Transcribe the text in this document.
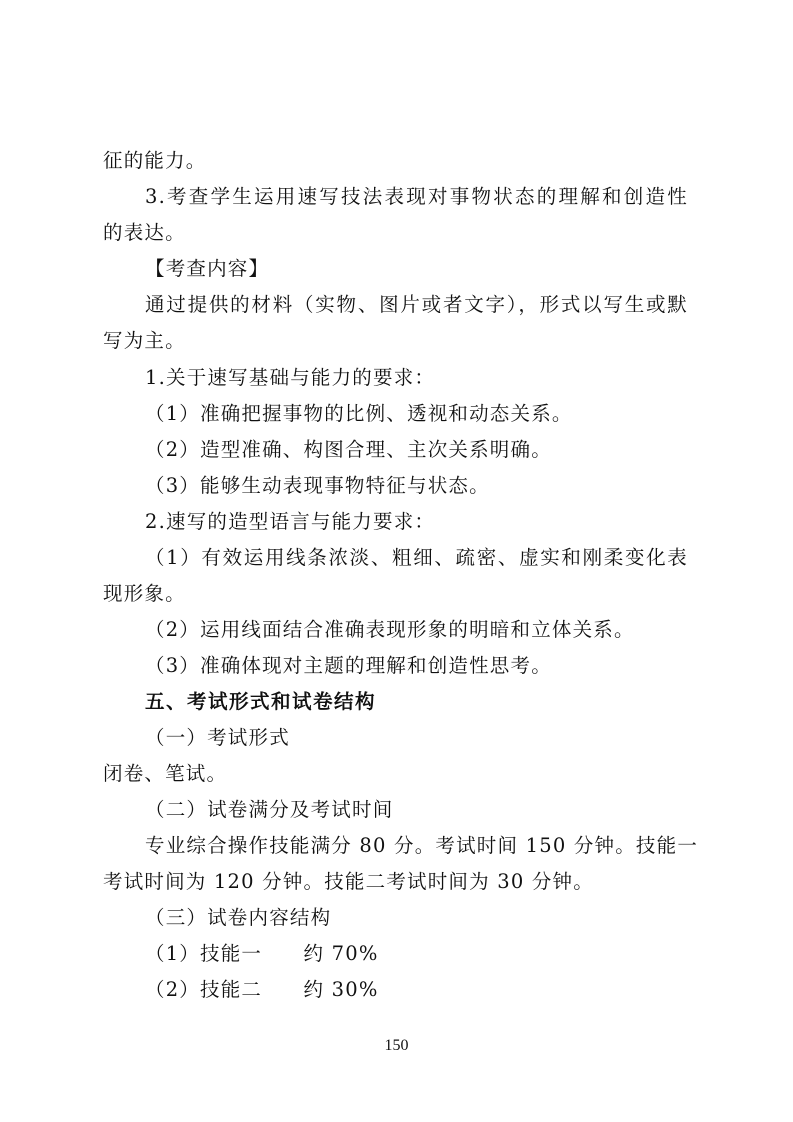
征的能力。
3.考查学生运用速写技法表现对事物状态的理解和创造性
的表达。
【考查内容】
通过提供的材料（实物、图片或者文字），形式以写生或默
写为主。
1.关于速写基础与能力的要求：
（1）准确把握事物的比例、透视和动态关系。
（2）造型准确、构图合理、主次关系明确。
（3）能够生动表现事物特征与状态。
2.速写的造型语言与能力要求：
（1）有效运用线条浓淡、粗细、疏密、虚实和刚柔变化表
现形象。
（2）运用线面结合准确表现形象的明暗和立体关系。
（3）准确体现对主题的理解和创造性思考。
五、考试形式和试卷结构
（一）考试形式
闭卷、笔试。
（二）试卷满分及考试时间
专业综合操作技能满分 80 分。考试时间 150 分钟。技能一
考试时间为 120 分钟。技能二考试时间为 30 分钟。
（三）试卷内容结构
（1）技能一　　约 70%
（2）技能二　　约 30%
150
